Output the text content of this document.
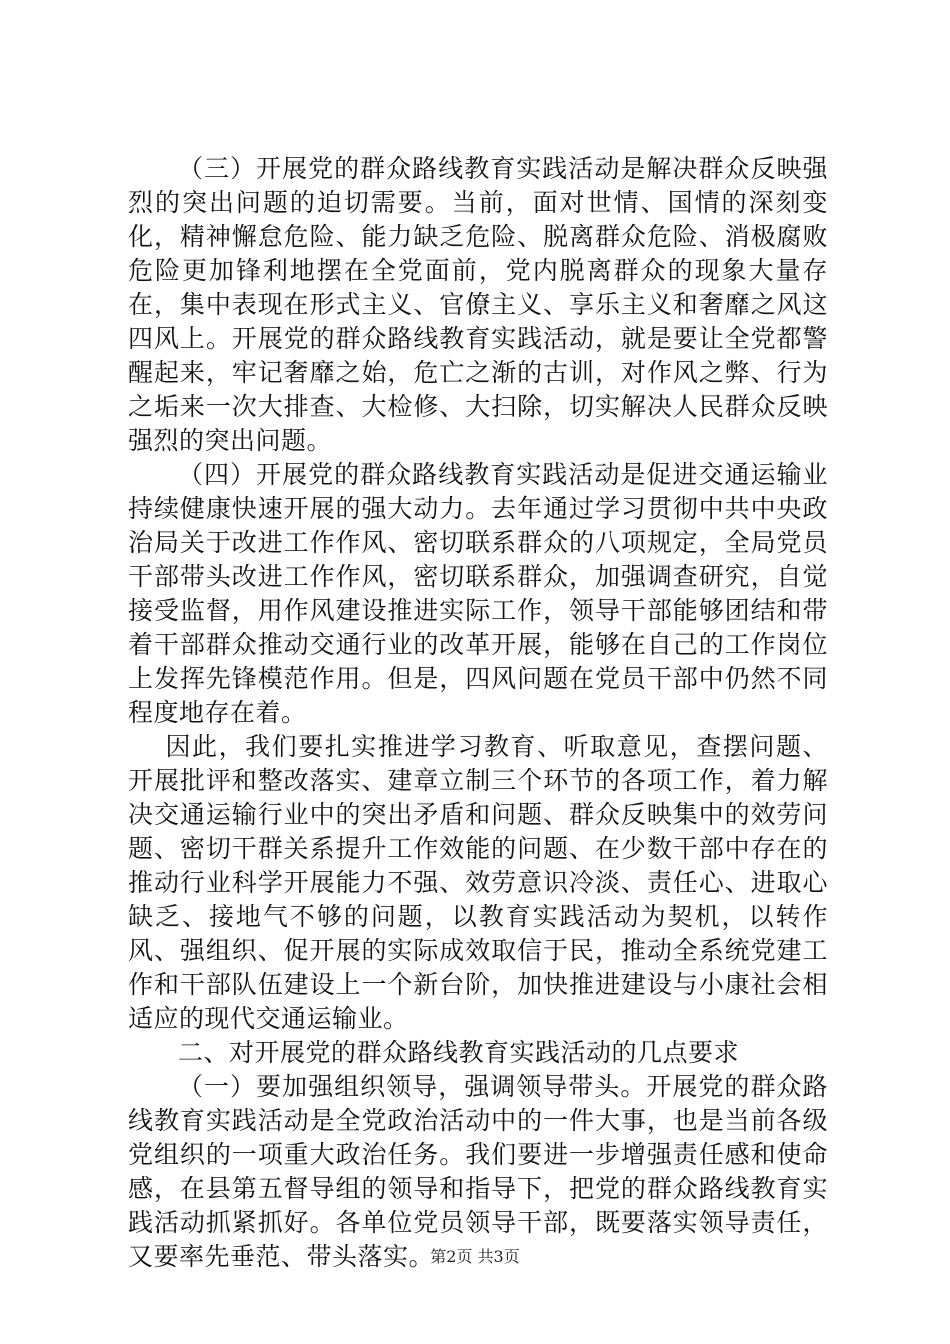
（三）开展党的群众路线教育实践活动是解决群众反映强烈的突出问题的迫切需要。当前，面对世情、国情的深刻变化，精神懈怠危险、能力缺乏危险、脱离群众危险、消极腐败危险更加锋利地摆在全党面前，党内脱离群众的现象大量存在，集中表现在形式主义、官僚主义、享乐主义和奢靡之风这四风上。开展党的群众路线教育实践活动，就是要让全党都警醒起来，牢记奢靡之始，危亡之渐的古训，对作风之弊、行为之垢来一次大排查、大检修、大扫除，切实解决人民群众反映强烈的突出问题。

（四）开展党的群众路线教育实践活动是促进交通运输业持续健康快速开展的强大动力。去年通过学习贯彻中共中央政治局关于改进工作作风、密切联系群众的八项规定，全局党员干部带头改进工作作风，密切联系群众，加强调查研究，自觉接受监督，用作风建设推进实际工作，领导干部能够团结和带着干部群众推动交通行业的改革开展，能够在自己的工作岗位上发挥先锋模范作用。但是，四风问题在党员干部中仍然不同程度地存在着。

因此，我们要扎实推进学习教育、听取意见，查摆问题、开展批评和整改落实、建章立制三个环节的各项工作，着力解决交通运输行业中的突出矛盾和问题、群众反映集中的效劳问题、密切干群关系提升工作效能的问题、在少数干部中存在的推动行业科学开展能力不强、效劳意识冷淡、责任心、进取心缺乏、接地气不够的问题，以教育实践活动为契机，以转作风、强组织、促开展的实际成效取信于民，推动全系统党建工作和干部队伍建设上一个新台阶，加快推进建设与小康社会相适应的现代交通运输业。

二、对开展党的群众路线教育实践活动的几点要求

（一）要加强组织领导，强调领导带头。开展党的群众路线教育实践活动是全党政治活动中的一件大事，也是当前各级党组织的一项重大政治任务。我们要进一步增强责任感和使命感，在县第五督导组的领导和指导下，把党的群众路线教育实践活动抓紧抓好。各单位党员领导干部，既要落实领导责任，又要率先垂范、带头落实。

第2页 共3页
